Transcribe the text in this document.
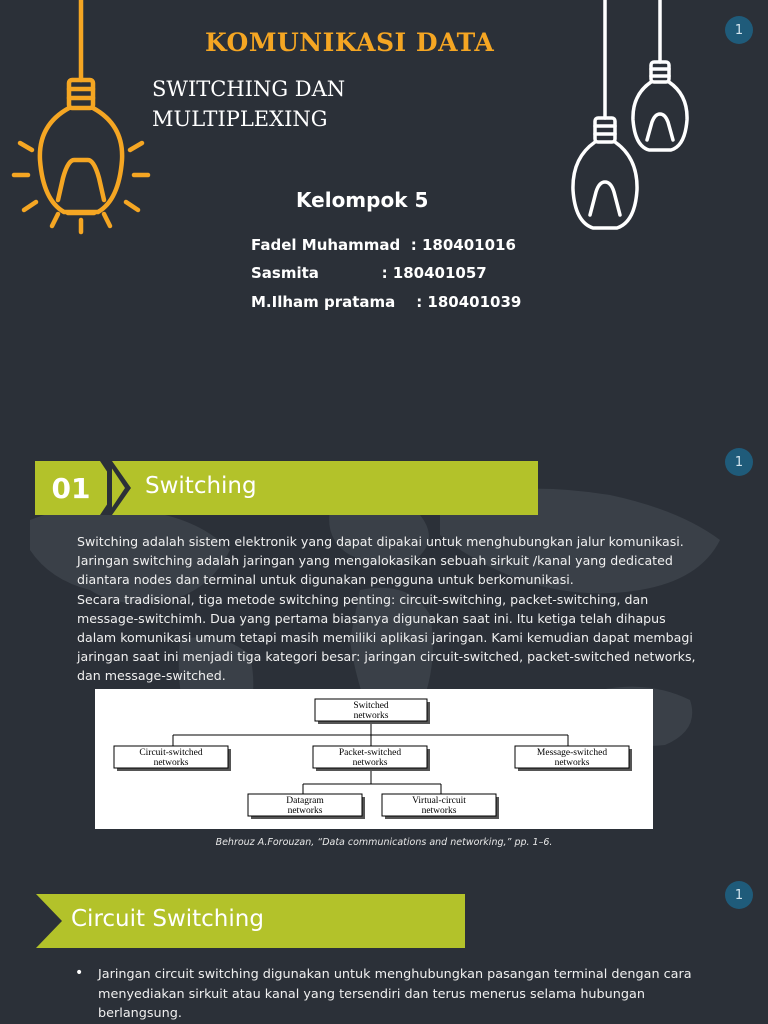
1
KOMUNIKASI DATA
SWITCHING DAN MULTIPLEXING
Kelompok 5
Fadel Muhammad  : 180401016
Sasmita            : 180401057
M.Ilham pratama    : 180401039
1
01	Switching
Switching adalah sistem elektronik yang dapat dipakai untuk menghubungkan jalur komunikasi. Jaringan switching adalah jaringan yang mengalokasikan sebuah sirkuit /kanal yang dedicated diantara nodes dan terminal untuk digunakan pengguna untuk berkomunikasi.
Secara tradisional, tiga metode switching penting: circuit-switching, packet-switching, dan message-switchimh. Dua yang pertama biasanya digunakan saat ini. Itu ketiga telah dihapus dalam komunikasi umum tetapi masih memiliki aplikasi jaringan. Kami kemudian dapat membagi jaringan saat ini menjadi tiga kategori besar: jaringan circuit-switched, packet-switched networks, dan message-switched.
Switched
networks
Circuit-switched
networks
Packet-switched
networks
Message-switched
networks
Datagram
networks
Virtual-circuit
networks
Behrouz A.Forouzan, “Data communications and networking,” pp. 1–6.
1
Circuit Switching
• Jaringan circuit switching digunakan untuk menghubungkan pasangan terminal dengan cara menyediakan sirkuit atau kanal yang tersendiri dan terus menerus selama hubungan berlangsung.
